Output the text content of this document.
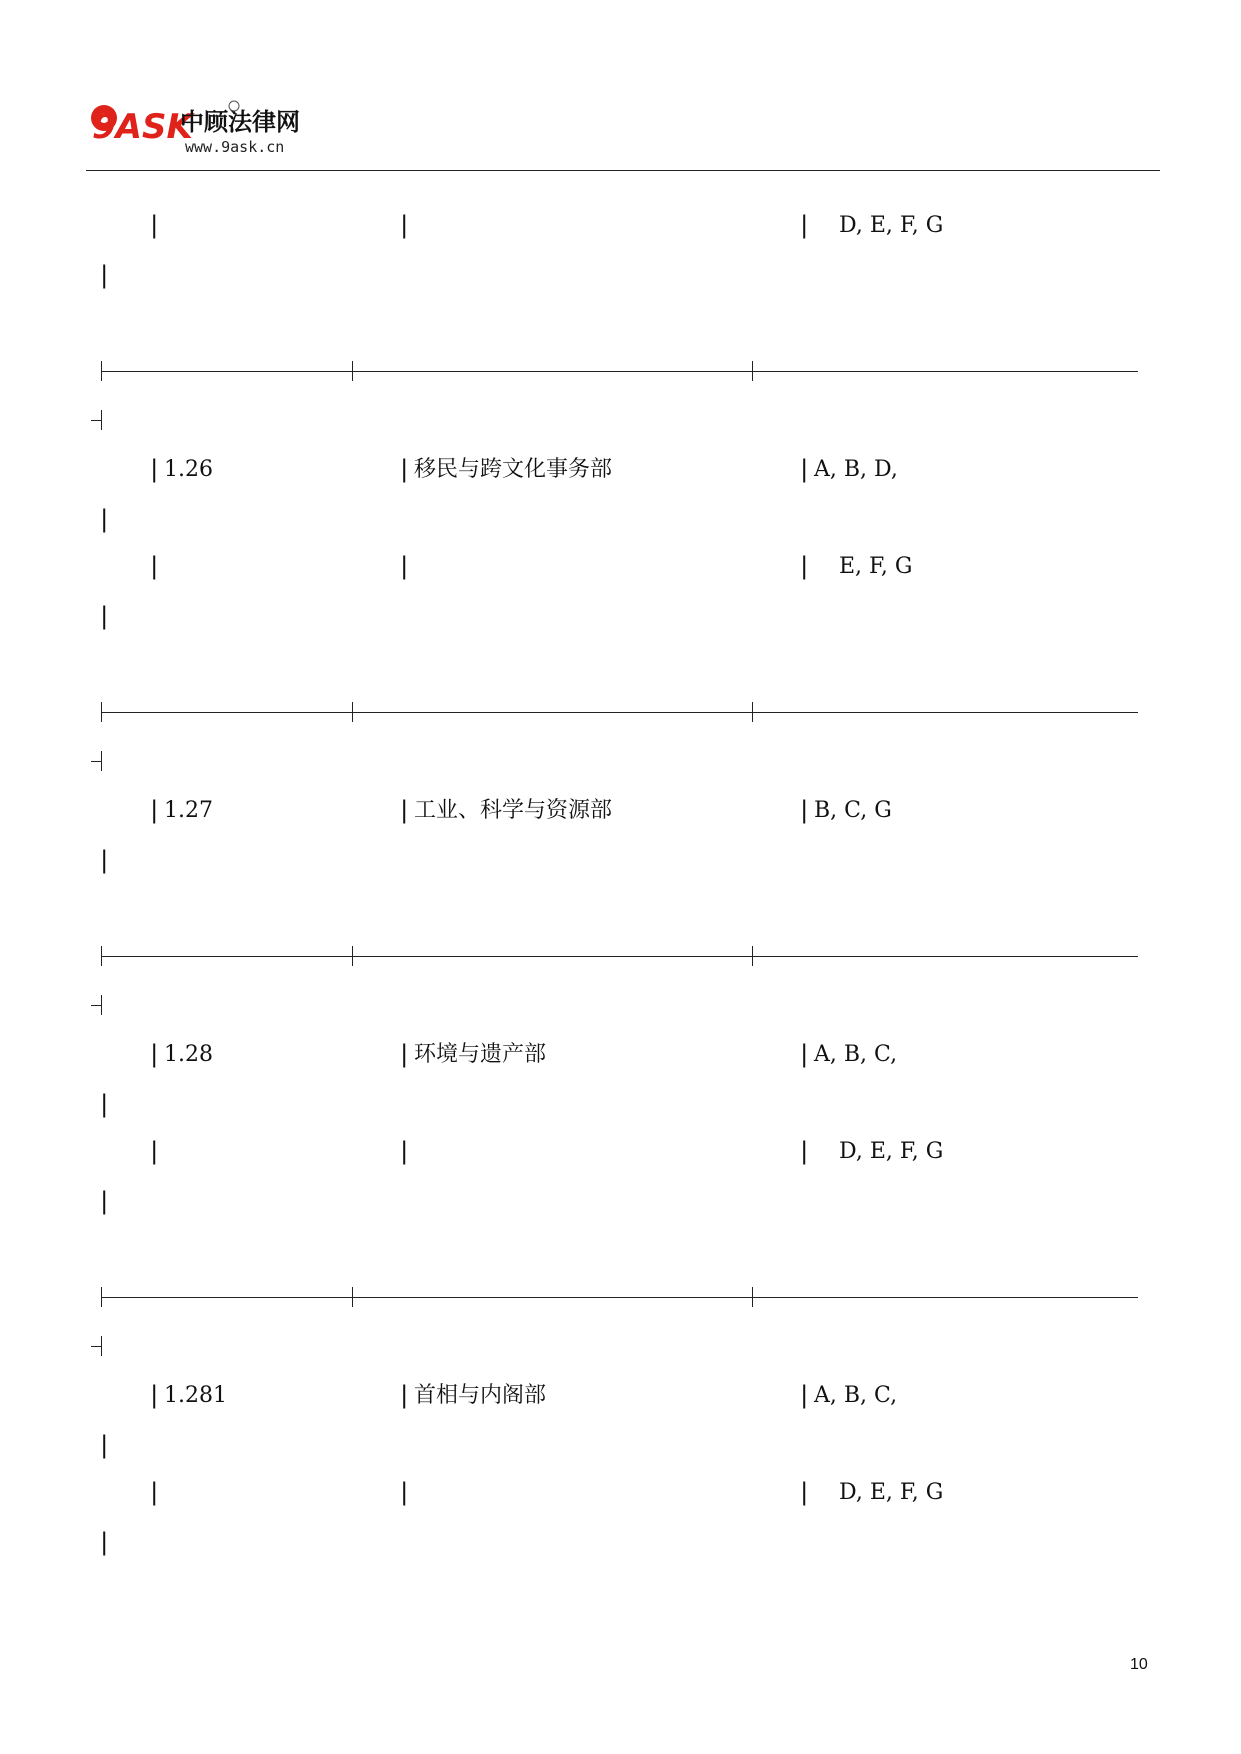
9ASK
中顾法律网
www.9ask.cn
|	|	| D, E, F, G
|
| 1.26	| 移民与跨文化事务部	| A, B, D,
|
|	|	| E, F, G
|
| 1.27	| 工业、科学与资源部	| B, C, G
|
| 1.28	| 环境与遗产部	| A, B, C,
|
|	|	| D, E, F, G
|
| 1.281	| 首相与内阁部	| A, B, C,
|
|	|	| D, E, F, G
|
10
